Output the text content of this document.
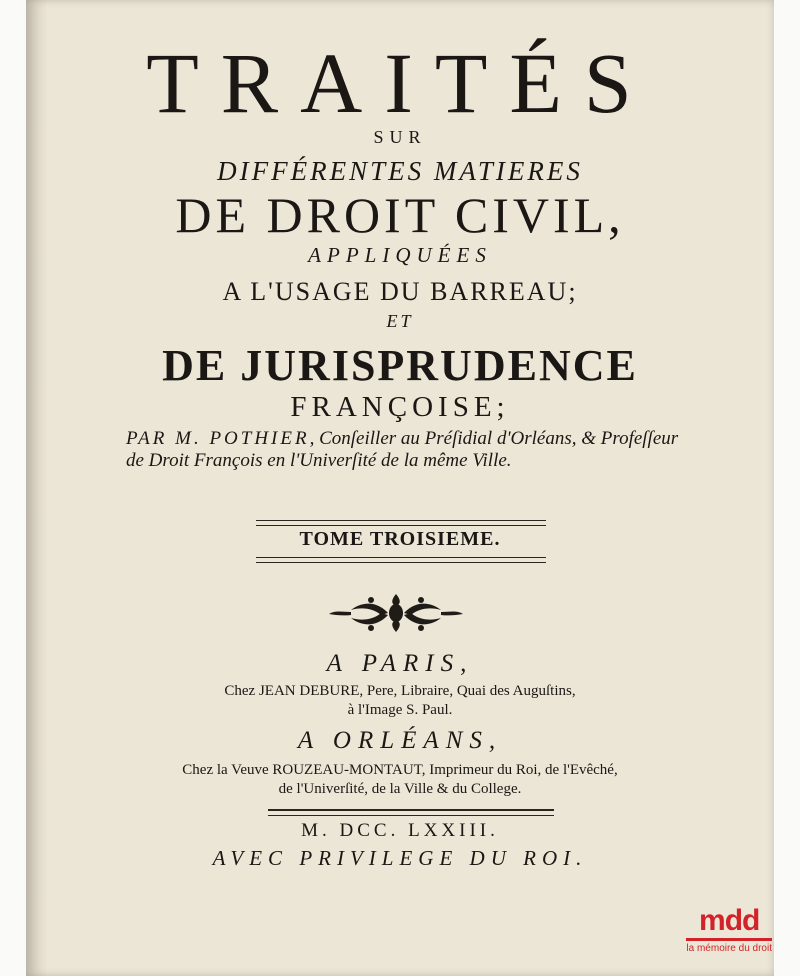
TRAITÉS
SUR
DIFFÉRENTES MATIERES
DE DROIT CIVIL,
APPLIQUÉES
A L'USAGE DU BARREAU;
ET
DE JURISPRUDENCE
FRANÇOISE;
PAR M. POTHIER, Conſeiller au Préſidial d'Orléans, & Profeſſeur de Droit François en l'Univerſité de la même Ville.
TOME TROISIEME.
A PARIS,
Chez JEAN DEBURE, Pere, Libraire, Quai des Auguſtins,
à l'Image S. Paul.
A ORLÉANS,
Chez la Veuve ROUZEAU-MONTAUT, Imprimeur du Roi, de l'Evêché,
de l'Univerſité, de la Ville & du College.
M. DCC. LXXIII.
AVEC PRIVILEGE DU ROI.
mdd
la mémoire du droit
